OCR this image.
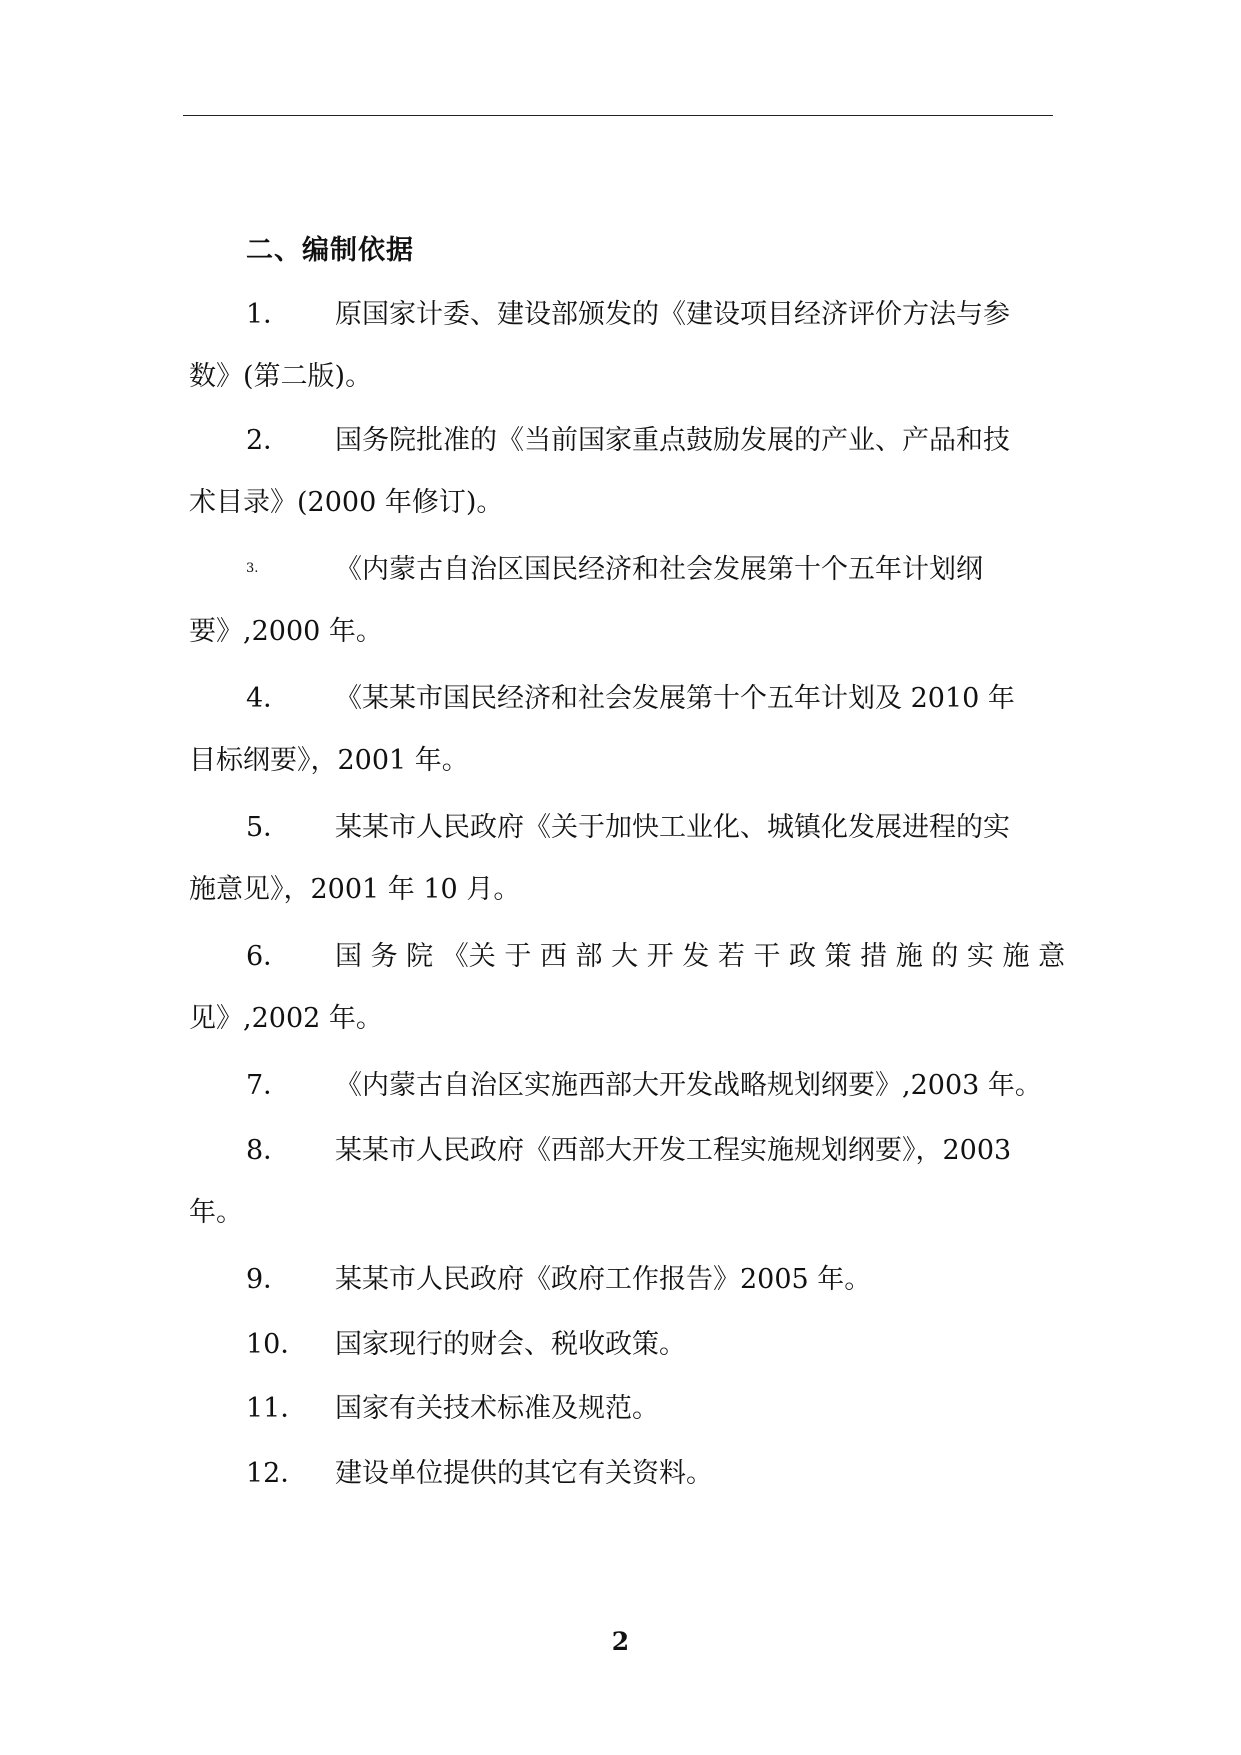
二、编制依据
1． 原国家计委、建设部颁发的《建设项目经济评价方法与参
数》(第二版)。
2． 国务院批准的《当前国家重点鼓励发展的产业、产品和技
术目录》(2000 年修订)。
3.	《内蒙古自治区国民经济和社会发展第十个五年计划纲
要》,2000 年。
4． 《某某市国民经济和社会发展第十个五年计划及 2010 年
目标纲要》，2001 年。
5． 某某市人民政府《关于加快工业化、城镇化发展进程的实
施意见》，2001 年 10 月。
6． 国 务 院 《关 于 西 部 大 开 发 若 干 政 策 措 施 的 实 施 意
见》,2002 年。
7． 《内蒙古自治区实施西部大开发战略规划纲要》,2003 年。
8． 某某市人民政府《西部大开发工程实施规划纲要》，2003
年。
9． 某某市人民政府《政府工作报告》2005 年。
10． 国家现行的财会、税收政策。
11． 国家有关技术标准及规范。
12． 建设单位提供的其它有关资料。
2
